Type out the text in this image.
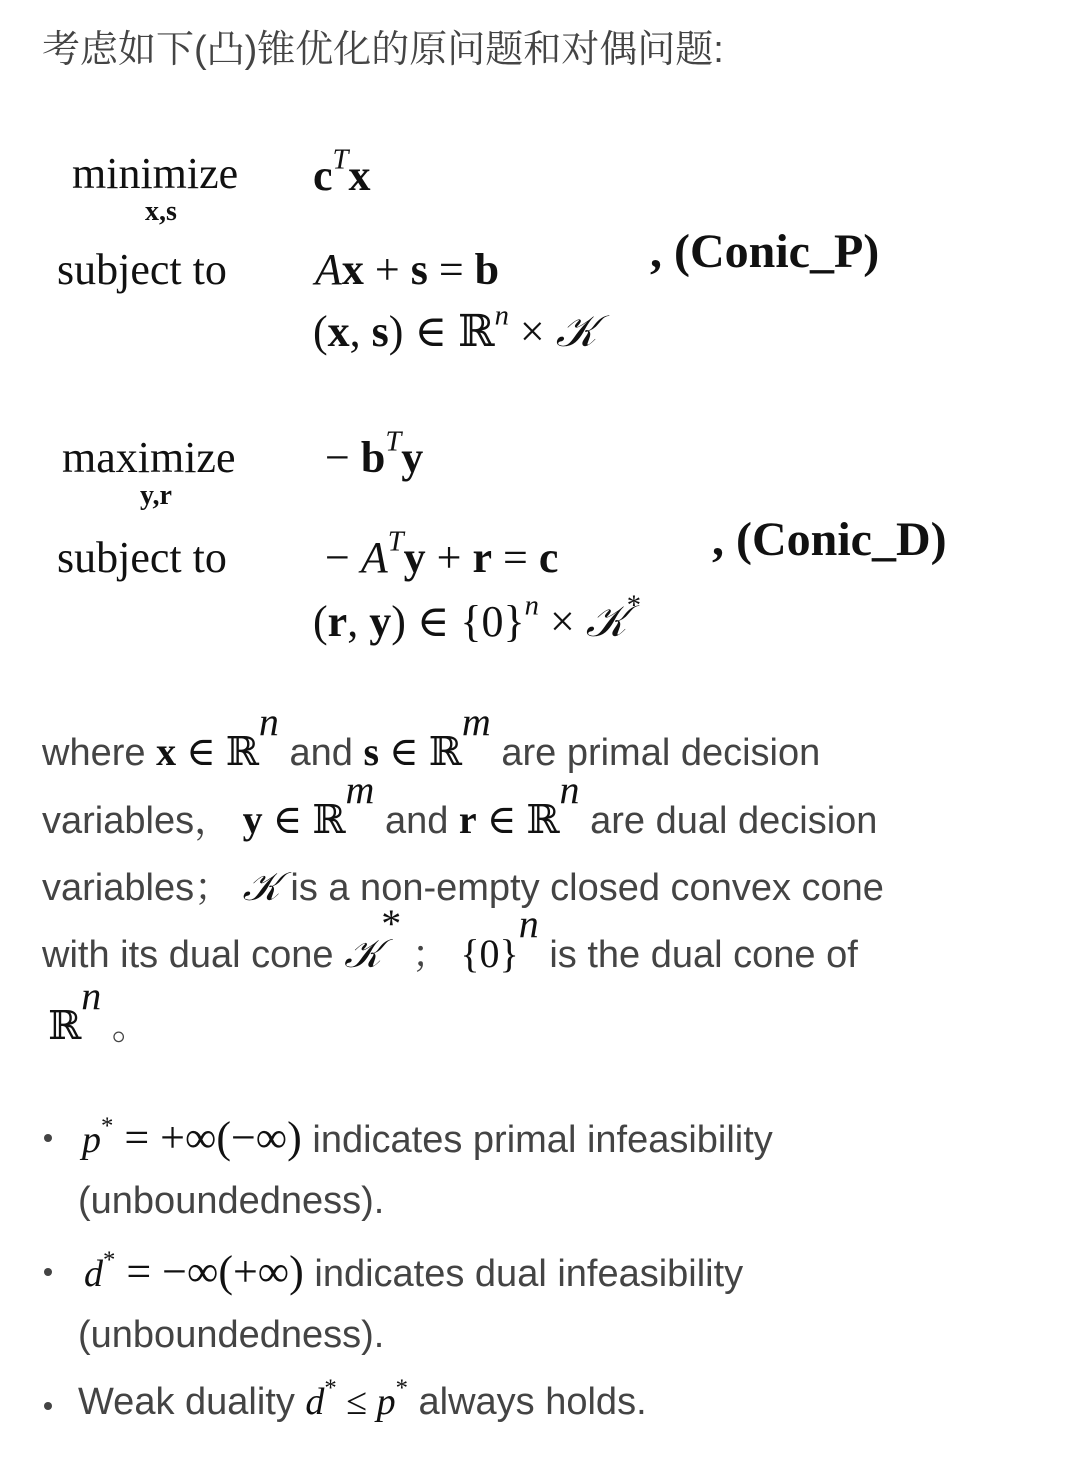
考虑如下(凸)锥优化的原问题和对偶问题:
minimize
x,s
$c^Tx$
subject to Ax + s = b	, (Conic_P)
(x, s) ∈ ℝ$^n$ × 𝒦
maximize
y,r
− $b^Ty$
subject to − $A^Ty + r = c$	, (Conic_D)
(r, y) ∈ $\{0\}^n$ × 𝒦*
where x ∈ ℝn and s ∈ ℝm are primal decision
variables， y ∈ ℝm and r ∈ ℝn are dual decision
variables； 𝒦 is a non-empty closed convex cone
with its dual cone 𝒦* ； {0}n is the dual cone of
ℝn 。
p* = +∞(−∞) indicates primal infeasibility
(unboundedness).
d* = −∞(+∞) indicates dual infeasibility
(unboundedness).
Weak duality d* ≤ p* always holds.
